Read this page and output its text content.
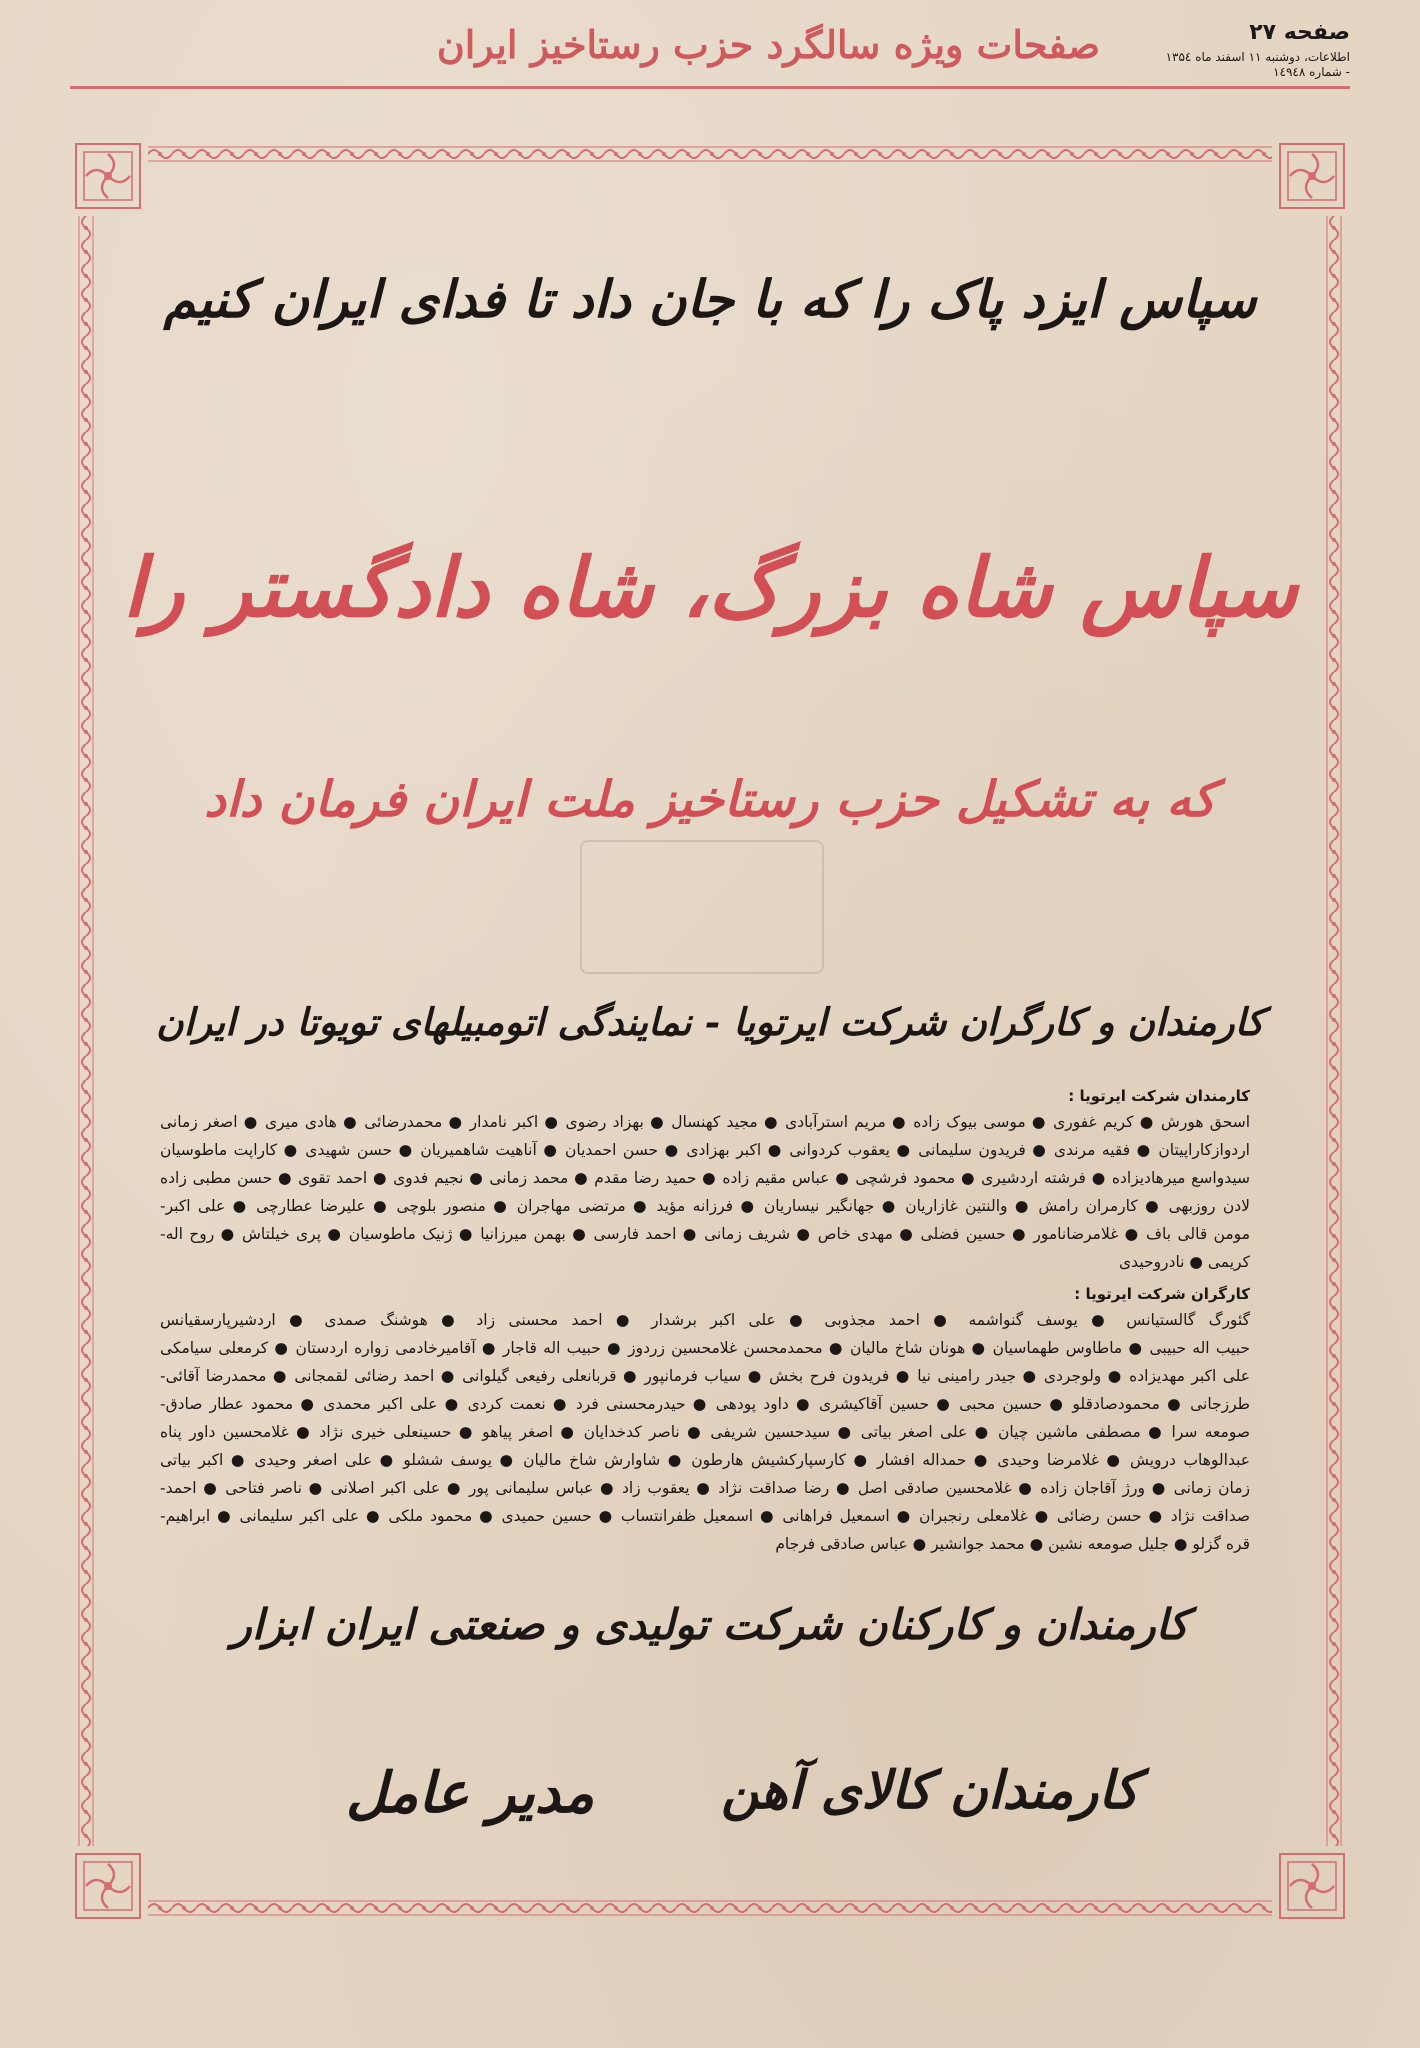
صفحه ۲۷
اطلاعات، دوشنبه ۱۱ اسفند ماه ۱۳۵٤ - شماره ۱٤۹٤۸
صفحات ویژه سالگرد حزب رستاخیز ایران
سپاس ایزد پاک را که با جان داد تا فدای ایران کنیم
سپاس شاه بزرگ، شاه دادگستر را
که به تشکیل حزب رستاخیز ملت ایران فرمان داد
کارمندان و کارگران شرکت ایرتویا - نمایندگی اتومبیلهای تویوتا در ایران
کارمندان شرکت ایرتویا :
اسحق هورش ● کریم غفوری ● موسی بیوک زاده ● مریم استرآبادی ● مجید کهنسال ● بهزاد رضوی ● اکبر نامدار ● محمدرضائی ● هادی میری ● اصغر زمانی
اردوازکاراپیتان ● فقیه مرندی ● فریدون سلیمانی ● یعقوب کردوانی ● اکبر بهزادی ● حسن احمدیان ● آناهیت شاهمیریان ● حسن شهیدی ● کاراپت ماطوسیان
سیدواسع میرهادیزاده ● فرشته اردشیری ● محمود فرشچی ● عباس مقیم زاده ● حمید رضا مقدم ● محمد زمانی ● نجیم فدوی ● احمد تقوی ● حسن مطبی زاده
لادن روزبهی ● کارمران رامش ● والنتین غازاریان ● جهانگیر نیساریان ● فرزانه مؤید ● مرتضی مهاجران ● منصور بلوچی ● علیرضا عطارچی ● علی اکبر-
مومن قالی باف ● غلامرضانامور ● حسین فضلی ● مهدی خاص ● شریف زمانی ● احمد فارسی ● بهمن میرزانیا ● ژنیک ماطوسیان ● پری خیلتاش ● روح اله-
کریمی ● نادروحیدی
کارگران شرکت ایرتویا :
گئورگ گالستیانس ● یوسف گنواشمه ● احمد مجذوبی ● علی اکبر برشدار ● احمد محسنی زاد ● هوشنگ صمدی ● اردشیرپارسقیانس
حبیب اله حبیبی ● ماطاوس طهماسیان ● هونان شاخ مالیان ● محمدمحسن غلامحسین زردوز ● حبیب اله قاجار ● آقامیرخادمی زواره اردستان ● کرمعلی سیامکی
علی اکبر مهدیزاده ● ولوجردی ● جیدر رامینی نیا ● فریدون فرح بخش ● سیاب فرمانپور ● قربانعلی رفیعی گیلوانی ● احمد رضائی لقمجانی ● محمدرضا آقائی-
طرزجانی ● محمودصادقلو ● حسین محبی ● حسین آقاکیشری ● داود پودهی ● حیدرمحسنی فرد ● نعمت کردی ● علی اکبر محمدی ● محمود عطار صادق-
صومعه سرا ● مصطفی ماشین چیان ● علی اصغر بیاتی ● سیدحسین شریفی ● ناصر کدخدایان ● اصغر پیاهو ● حسینعلی خیری نژاد ● غلامحسین داور پناه
عبدالوهاب درویش ● غلامرضا وحیدی ● حمداله افشار ● کارسپارکشیش هارطون ● شاوارش شاخ مالیان ● یوسف ششلو ● علی اصغر وحیدی ● اکبر بیاتی
زمان زمانی ● ورژ آقاجان زاده ● غلامحسین صادقی اصل ● رضا صداقت نژاد ● یعقوب زاد ● عباس سلیمانی پور ● علی اکبر اصلانی ● ناصر فتاحی ● احمد-
صداقت نژاد ● حسن رضائی ● غلامعلی رنجبران ● اسمعیل فراهانی ● اسمعیل ظفرانتساب ● حسین حمیدی ● محمود ملکی ● علی اکبر سلیمانی ● ابراهیم-
قره گزلو ● جلیل صومعه نشین ● محمد جوانشیر ● عباس صادقی فرجام
کارمندان و کارکنان شرکت تولیدی و صنعتی ایران ابزار
کارمندان کالای آهن
مدیر عامل
